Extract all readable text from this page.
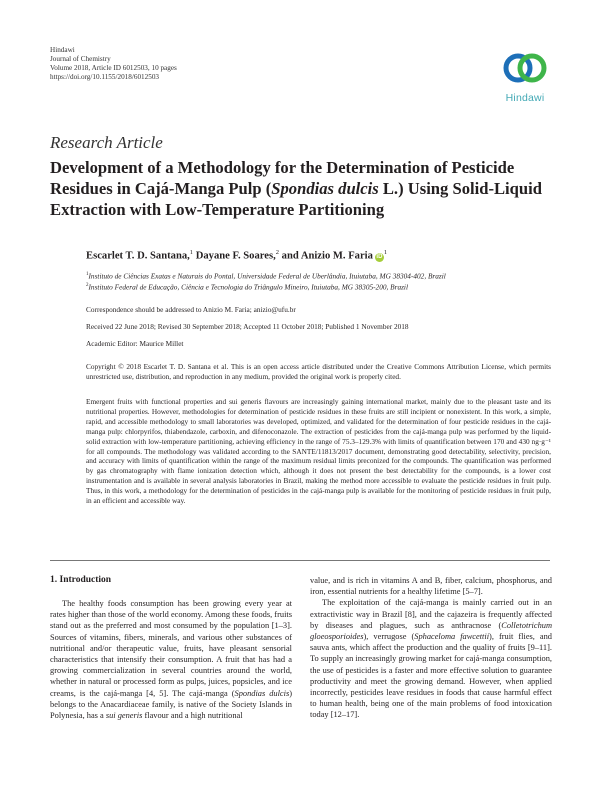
Hindawi
Journal of Chemistry
Volume 2018, Article ID 6012503, 10 pages
https://doi.org/10.1155/2018/6012503
Hindawi
Research Article
Development of a Methodology for the Determination of Pesticide Residues in Cajá-Manga Pulp (Spondias dulcis L.) Using Solid-Liquid Extraction with Low-Temperature Partitioning
Escarlet T. D. Santana,$^1$ Dayane F. Soares,$^2$ and Anizio M. Faria $iD^1$
$^1$Instituto de Ciências Exatas e Naturais do Pontal, Universidade Federal de Uberlândia, Ituiutaba, MG 38304-402, Brazil
$^2$Instituto Federal de Educação, Ciência e Tecnologia do Triângulo Mineiro, Ituiutaba, MG 38305-200, Brazil
Correspondence should be addressed to Anizio M. Faria; anizio@ufu.br
Received 22 June 2018; Revised 30 September 2018; Accepted 11 October 2018; Published 1 November 2018
Academic Editor: Maurice Millet
Copyright © 2018 Escarlet T. D. Santana et al. This is an open access article distributed under the Creative Commons Attribution License, which permits unrestricted use, distribution, and reproduction in any medium, provided the original work is properly cited.
Emergent fruits with functional properties and sui generis flavours are increasingly gaining international market, mainly due to the pleasant taste and its nutritional properties. However, methodologies for determination of pesticide residues in these fruits are still incipient or nonexistent. In this work, a simple, rapid, and accessible methodology to small laboratories was developed, optimized, and validated for the determination of four pesticide residues in the cajá-manga pulp: chlorpyrifos, thiabendazole, carboxin, and difenoconazole. The extraction of pesticides from the cajá-manga pulp was performed by the liquid-solid extraction with low-temperature partitioning, achieving efficiency in the range of 75.3–129.3% with limits of quantification between 170 and 430 ng·g⁻¹ for all compounds. The methodology was validated according to the SANTE/11813/2017 document, demonstrating good detectability, selectivity, precision, and accuracy with limits of quantification within the range of the maximum residual limits preconized for the compounds. The quantification was performed by gas chromatography with flame ionization detection which, although it does not present the best detectability for the compounds, is a lower cost instrumentation and is available in several analysis laboratories in Brazil, making the method more accessible to evaluate the pesticide residues in fruit pulp. Thus, in this work, a methodology for the determination of pesticides in the cajá-manga pulp is available for the monitoring of pesticide residues in fruit pulp, in an efficient and accessible way.
1. Introduction

The healthy foods consumption has been growing every year at rates higher than those of the world economy. Among these foods, fruits stand out as the preferred and most consumed by the population [1–3]. Sources of vitamins, fibers, minerals, and various other substances of nutritional and/or therapeutic value, fruits, have pleasant sensorial characteristics that intensify their consumption. A fruit that has had a growing commercialization in several countries around the world, whether in natural or processed form as pulps, juices, popsicles, and ice creams, is the cajá-manga [4, 5]. The cajá-manga (Spondias dulcis) belongs to the Anacardiaceae family, is native of the Society Islands in Polynesia, has a sui generis flavour and a high nutritional

value, and is rich in vitamins A and B, fiber, calcium, phosphorus, and iron, essential nutrients for a healthy lifetime [5–7].

The exploitation of the cajá-manga is mainly carried out in an extractivistic way in Brazil [8], and the cajazeira is frequently affected by diseases and plagues, such as anthracnose (Colletotrichum gloeosporioides), verrugose (Sphaceloma fawcettii), fruit flies, and sauva ants, which affect the production and the quality of fruits [9–11]. To supply an increasingly growing market for cajá-manga consumption, the use of pesticides is a faster and more effective solution to guarantee productivity and meet the growing demand. However, when applied incorrectly, pesticides leave residues in foods that cause harmful effect to human health, being one of the main problems of food intoxication today [12–17].
